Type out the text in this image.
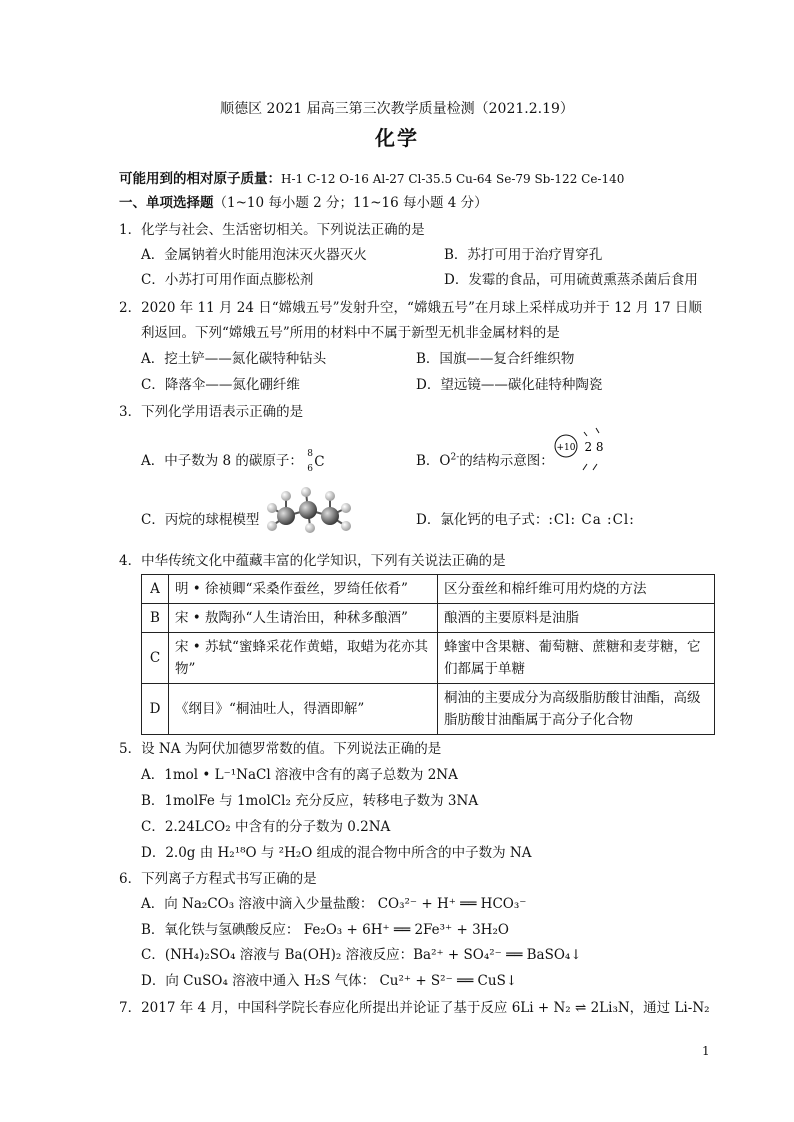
顺德区 2021 届高三第三次教学质量检测（2021.2.19）
化学
可能用到的相对原子质量：H-1 C-12 O-16 Al-27 Cl-35.5 Cu-64 Se-79 Sb-122 Ce-140
一、单项选择题（1~10 每小题 2 分；11~16 每小题 4 分）
1．化学与社会、生活密切相关。下列说法正确的是
A．金属钠着火时能用泡沫灭火器灭火	B．苏打可用于治疗胃穿孔
C．小苏打可用作面点膨松剂	D．发霉的食品，可用硫黄熏蒸杀菌后食用
2．2020 年 11 月 24 日“嫦娥五号”发射升空，“嫦娥五号”在月球上采样成功并于 12 月 17 日顺
利返回。下列“嫦娥五号”所用的材料中不属于新型无机非金属材料的是
A．挖土铲——氮化碳特种钻头	B．国旗——复合纤维织物
C．降落伞——氮化硼纤维	D．望远镜——碳化硅特种陶瓷
3．下列化学用语表示正确的是
A．中子数为 8 的碳原子： 8
6 C	B．$O^{2-}$的结构示意图：
+10 2 8
C．丙烷的球棍模型	D．氯化钙的电子式：:Cl: Ca :Cl:
4．中华传统文化中蕴藏丰富的化学知识，下列有关说法正确的是
A	明 • 徐祯卿“采桑作蚕丝，罗绮任依肴”	区分蚕丝和棉纤维可用灼烧的方法
B	宋 • 敖陶孙“人生请治田，种秫多酿酒”	酿酒的主要原料是油脂
C	宋 • 苏轼“蜜蜂采花作黄蜡，取蜡为花亦其物”	蜂蜜中含果糖、葡萄糖、蔗糖和麦芽糖，它们都属于单糖
D	《纲目》“桐油吐人，得酒即解”	桐油的主要成分为高级脂肪酸甘油酯，高级脂肪酸甘油酯属于高分子化合物
5．设 NA 为阿伏加德罗常数的值。下列说法正确的是
A．1mol • L⁻¹NaCl 溶液中含有的离子总数为 2NA
B．1molFe 与 1molCl₂ 充分反应，转移电子数为 3NA
C．2.24LCO₂ 中含有的分子数为 0.2NA
D．2.0g 由 H₂¹⁸O 与 ²H₂O 组成的混合物中所含的中子数为 NA
6．下列离子方程式书写正确的是
A．向 Na₂CO₃ 溶液中滴入少量盐酸： CO₃²⁻ + H⁺ ══ HCO₃⁻
B．氧化铁与氢碘酸反应： Fe₂O₃ + 6H⁺ ══ 2Fe³⁺ + 3H₂O
C．(NH₄)₂SO₄ 溶液与 Ba(OH)₂ 溶液反应：Ba²⁺ + SO₄²⁻ ══ BaSO₄↓
D．向 CuSO₄ 溶液中通入 H₂S 气体： Cu²⁺ + S²⁻ ══ CuS↓
7．2017 年 4 月，中国科学院长春应化所提出并论证了基于反应 6Li + N₂ ⇌ 2Li₃N，通过 Li-N₂
1
